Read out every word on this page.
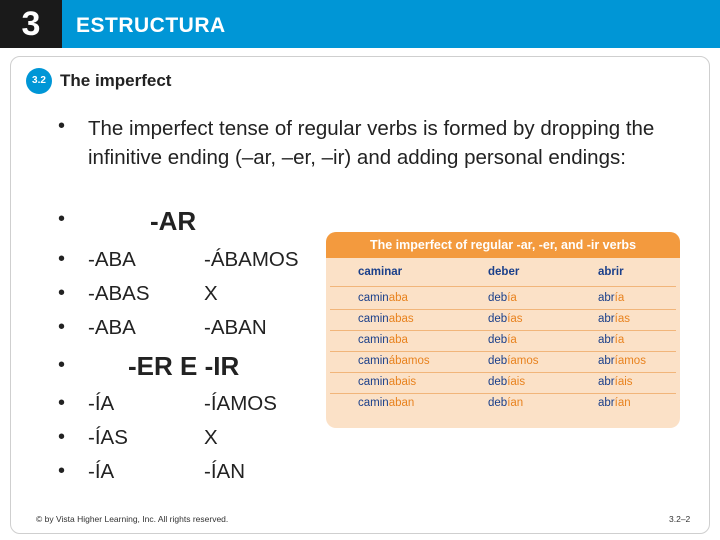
3	ESTRUCTURA
3.2 The imperfect
• The imperfect tense of regular verbs is formed by dropping the infinitive ending (–ar, –er, –ir) and adding personal endings:
•	-AR
• -ABA	-ÁBAMOS
• -ABAS	X
• -ABA	-ABAN
• -ER E -IR
• -ÍA	-ÍAMOS
• -ÍAS	X
• -ÍA	-ÍAN
The imperfect of regular -ar, -er, and -ir verbs
caminar	deber	abrir
caminaba	debía	abría
caminabas	debías	abrías
caminaba	debía	abría
caminábamos	debíamos	abríamos
caminabais	debíais	abríais
caminaban	debían	abrían
© by Vista Higher Learning, Inc. All rights reserved.	3.2–2
